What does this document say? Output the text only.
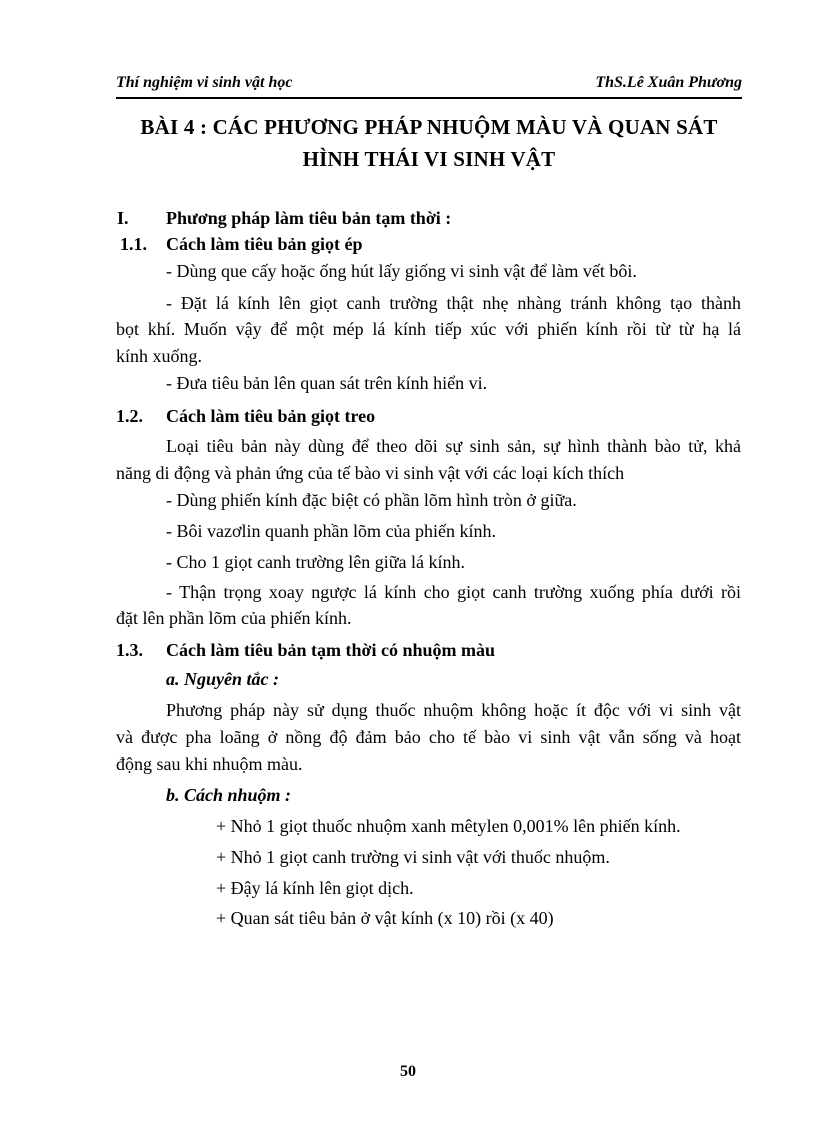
Thí nghiệm vi sinh vật học	ThS.Lê Xuân Phương
BÀI 4 : CÁC PHƯƠNG PHÁP NHUỘM MÀU VÀ QUAN SÁT
HÌNH THÁI VI SINH VẬT
I. Phương pháp làm tiêu bản tạm thời :
1.1. Cách làm tiêu bản giọt ép
- Dùng que cấy hoặc ống hút lấy giống vi sinh vật để làm vết bôi.
- Đặt lá kính lên giọt canh trường thật nhẹ nhàng tránh không tạo thành
bọt khí. Muốn vậy để một mép lá kính tiếp xúc với phiến kính rồi từ từ hạ lá
kính xuống.
- Đưa tiêu bản lên quan sát trên kính hiển vi.
1.2. Cách làm tiêu bản giọt treo
Loại tiêu bản này dùng để theo dõi sự sinh sản, sự hình thành bào tử, khả
năng di động và phản ứng của tế bào vi sinh vật với các loại kích thích
- Dùng phiến kính đặc biệt có phần lõm hình tròn ở giữa.
- Bôi vazơlin quanh phần lõm của phiến kính.
- Cho 1 giọt canh trường lên giữa lá kính.
- Thận trọng xoay ngược lá kính cho giọt canh trường xuống phía dưới rồi
đặt lên phần lõm của phiến kính.
1.3. Cách làm tiêu bản tạm thời có nhuộm màu
a. Nguyên tắc :
Phương pháp này sử dụng thuốc nhuộm không hoặc ít độc với vi sinh vật
và được pha loãng ở nồng độ đảm bảo cho tế bào vi sinh vật vẫn sống và hoạt
động sau khi nhuộm màu.
b. Cách nhuộm :
+ Nhỏ 1 giọt thuốc nhuộm xanh mêtylen 0,001% lên phiến kính.
+ Nhỏ 1 giọt canh trường vi sinh vật với thuốc nhuộm.
+ Đậy lá kính lên giọt dịch.
+ Quan sát tiêu bản ở vật kính (x 10) rồi (x 40)
50
